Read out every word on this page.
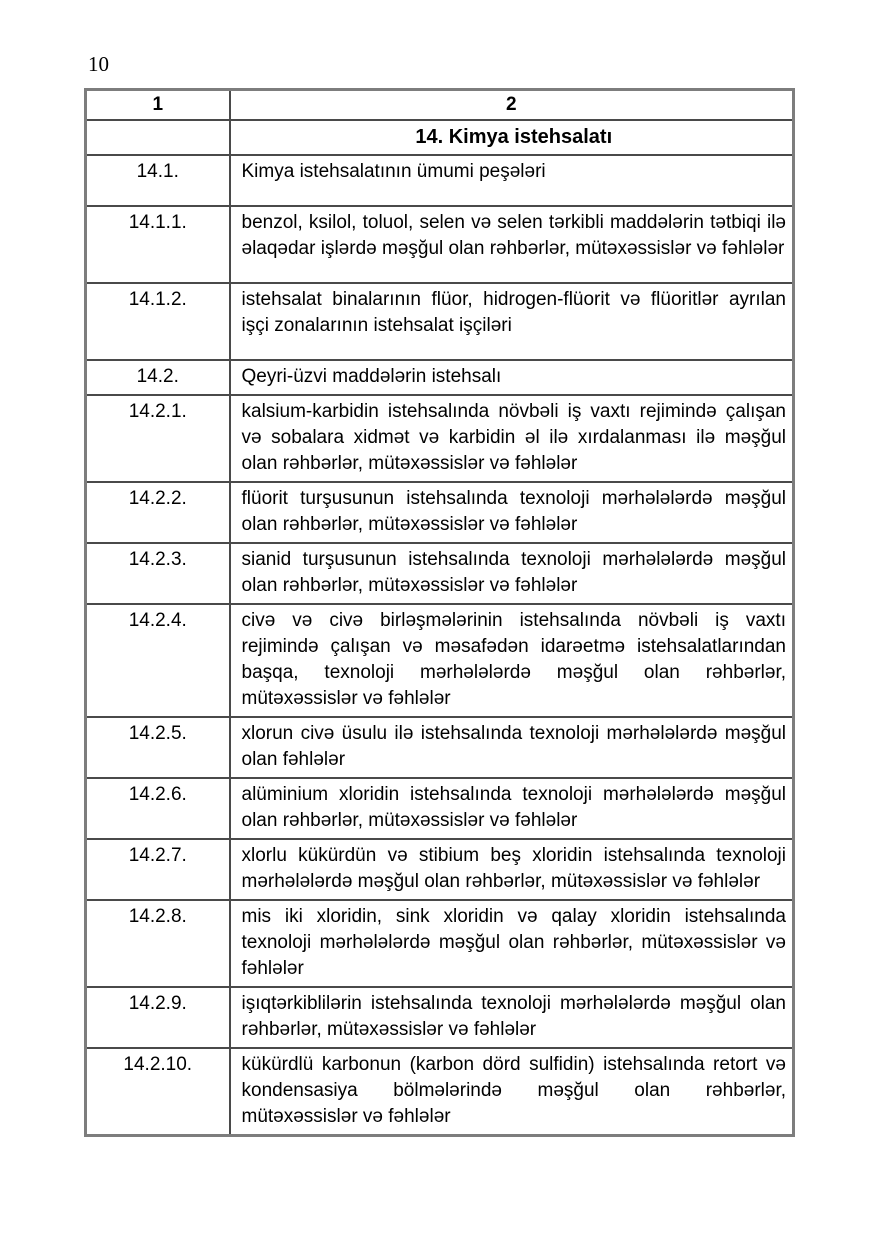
10
1	2
	14. Kimya istehsalatı
14.1.	Kimya istehsalatının ümumi peşələri
14.1.1.	benzol, ksilol, toluol, selen və selen tərkibli maddələrin tətbiqi ilə əlaqədar işlərdə məşğul olan rəhbərlər, mütəxəssislər və fəhlələr
14.1.2.	istehsalat binalarının flüor, hidrogen-flüorit və flüoritlər ayrılan işçi zonalarının istehsalat işçiləri
14.2.	Qeyri-üzvi maddələrin istehsalı
14.2.1.	kalsium-karbidin istehsalında növbəli iş vaxtı rejimində çalışan və sobalara xidmət və karbidin əl ilə xırdalanması ilə məşğul olan rəhbərlər, mütəxəssislər və fəhlələr
14.2.2.	flüorit turşusunun istehsalında texnoloji mərhələlərdə məşğul olan rəhbərlər, mütəxəssislər və fəhlələr
14.2.3.	sianid turşusunun istehsalında texnoloji mərhələlərdə məşğul olan rəhbərlər, mütəxəssislər və fəhlələr
14.2.4.	civə və civə birləşmələrinin istehsalında növbəli iş vaxtı rejimində çalışan və məsafədən idarəetmə istehsalatlarından başqa, texnoloji mərhələlərdə məşğul olan rəhbərlər, mütəxəssislər və fəhlələr
14.2.5.	xlorun civə üsulu ilə istehsalında texnoloji mərhələlərdə məşğul olan fəhlələr
14.2.6.	alüminium xloridin istehsalında texnoloji mərhələlərdə məşğul olan rəhbərlər, mütəxəssislər və fəhlələr
14.2.7.	xlorlu kükürdün və stibium beş xloridin istehsalında texnoloji mərhələlərdə məşğul olan rəhbərlər, mütəxəssislər və fəhlələr
14.2.8.	mis iki xloridin, sink xloridin və qalay xloridin istehsalında texnoloji mərhələlərdə məşğul olan rəhbərlər, mütəxəssislər və fəhlələr
14.2.9.	işıqtərkiblilərin istehsalında texnoloji mərhələlərdə məşğul olan rəhbərlər, mütəxəssislər və fəhlələr
14.2.10.	kükürdlü karbonun (karbon dörd sulfidin) istehsalında retort və kondensasiya bölmələrində məşğul olan rəhbərlər, mütəxəssislər və fəhlələr
